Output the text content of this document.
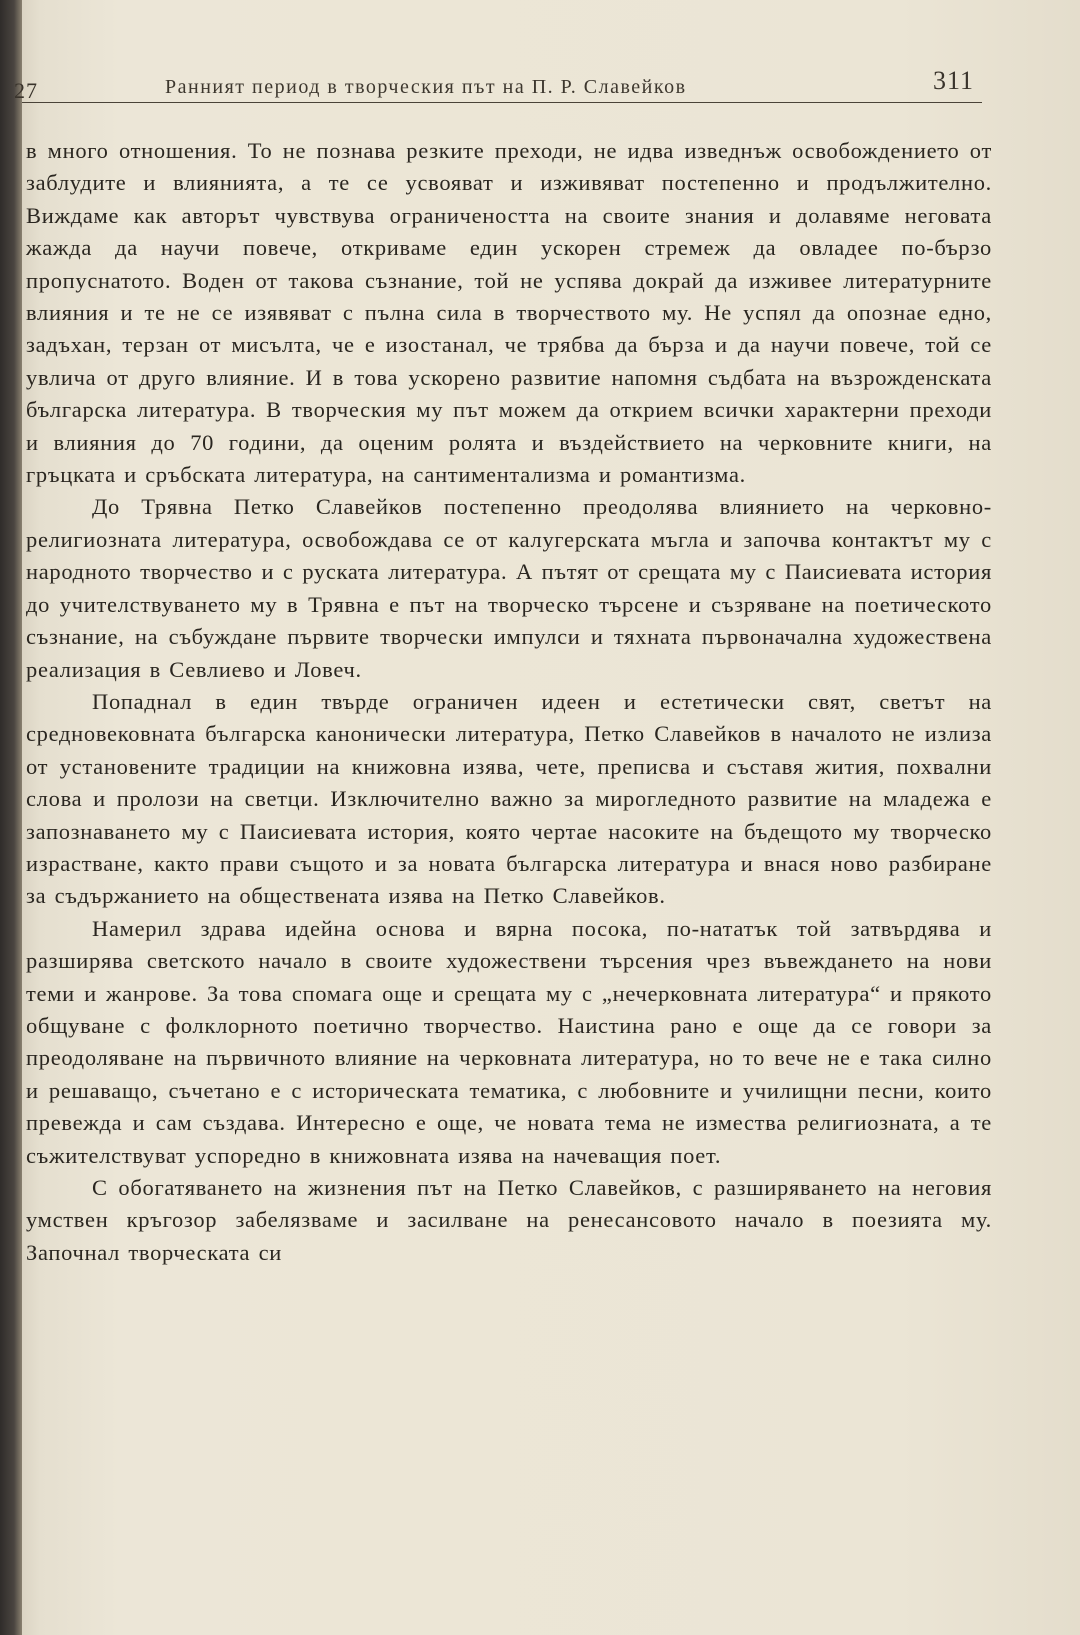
27	Ранният период в творческия път на П. Р. Славейков	311

в много отношения. То не познава резките преходи, не идва изведнъж освобождението от заблудите и влиянията, а те се усвояват и изживяват постепенно и продължително. Виждаме как авторът чувствува ограничеността на своите знания и долавяме неговата жажда да научи повече, откриваме един ускорен стремеж да овладее по-бързо пропуснатото. Воден от такова съзнание, той не успява докрай да изживее литературните влияния и те не се изявяват с пълна сила в творчеството му. Не успял да опознае едно, задъхан, терзан от мисълта, че е изостанал, че трябва да бърза и да научи повече, той се увлича от друго влияние. И в това ускорено развитие напомня съдбата на възрожденската българска литература. В творческия му път можем да открием всички характерни преходи и влияния до 70 години, да оценим ролята и въздействието на черковните книги, на гръцката и сръбската литература, на сантиментализма и романтизма.

До Трявна Петко Славейков постепенно преодолява влиянието на черковно-религиозната литература, освобождава се от калугерската мъгла и започва контактът му с народното творчество и с руската литература. А пътят от срещата му с Паисиевата история до учителствуването му в Трявна е път на творческо търсене и съзряване на поетическото съзнание, на събуждане първите творчески импулси и тяхната първоначална художествена реализация в Севлиево и Ловеч.

Попаднал в един твърде ограничен идеен и естетически свят, светът на средновековната българска канонически литература, Петко Славейков в началото не излиза от установените традиции на книжовна изява, чете, преписва и съставя жития, похвални слова и пролози на светци. Изключително важно за мирогледното развитие на младежа е запознаването му с Паисиевата история, която чертае насоките на бъдещото му творческо израстване, както прави същото и за новата българска литература и внася ново разбиране за съдържанието на обществената изява на Петко Славейков.

Намерил здрава идейна основа и вярна посока, по-нататък той затвърдява и разширява светското начало в своите художествени търсения чрез въвеждането на нови теми и жанрове. За това спомага още и срещата му с „нечерковната литература“ и прякото общуване с фолклорното поетично творчество. Наистина рано е още да се говори за преодоляване на първичното влияние на черковната литература, но то вече не е така силно и решаващо, съчетано е с историческата тематика, с любовните и училищни песни, които превежда и сам създава. Интересно е още, че новата тема не измества религиозната, а те съжителствуват успоредно в книжовната изява на начеващия поет.

С обогатяването на жизнения път на Петко Славейков, с разширяването на неговия умствен кръгозор забелязваме и засилване на ренесансовото начало в поезията му. Започнал творческата си
